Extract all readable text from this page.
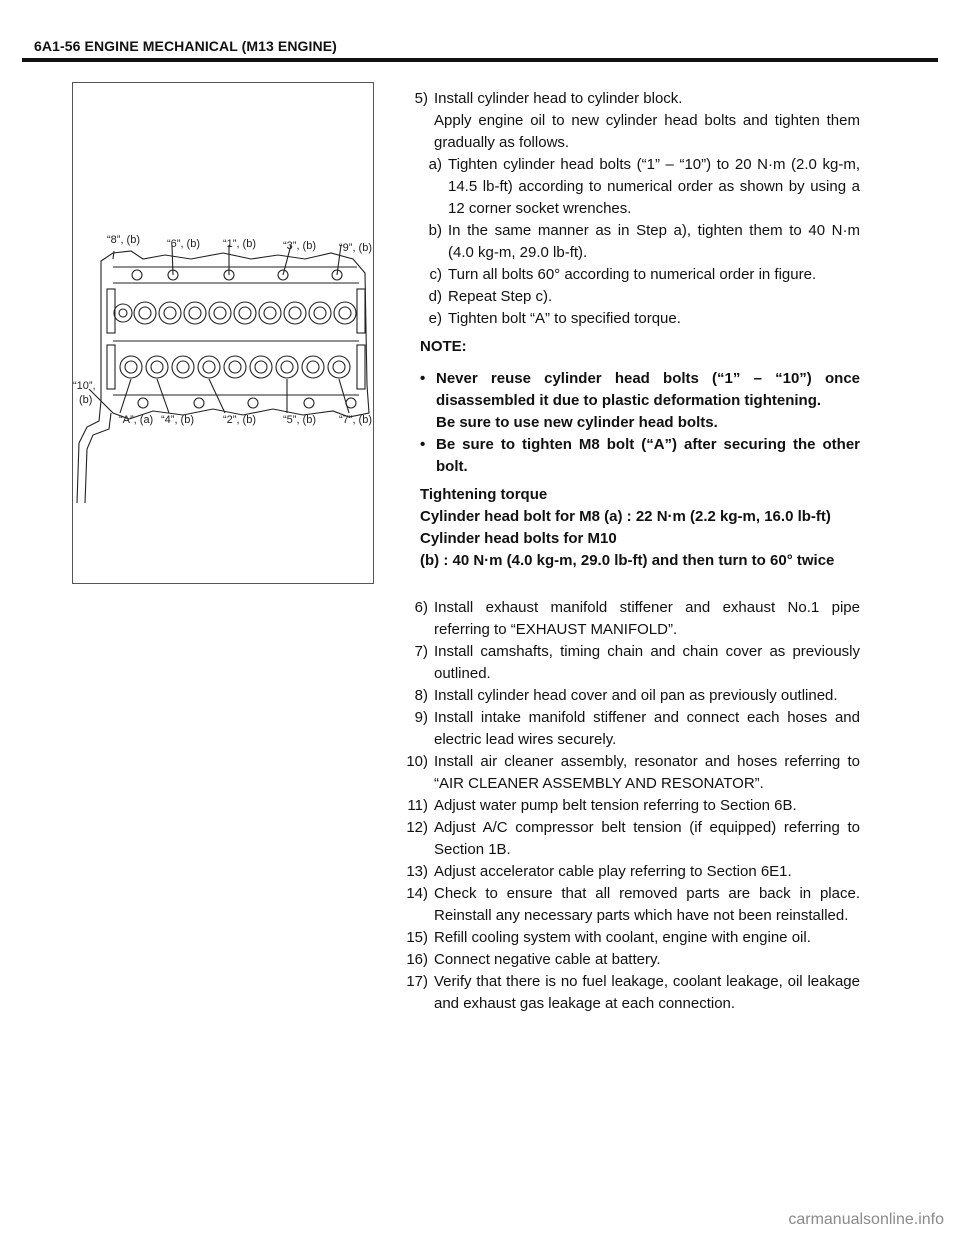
6A1-56 ENGINE MECHANICAL (M13 ENGINE)
“8”, (b) “6”, (b) “1”, (b) “3”, (b) “9”, (b)
“10”,
(b)
“A”, (a) “4”, (b)	“2”, (b) “5”, (b) “7”, (b)
5) Install cylinder head to cylinder block.
Apply engine oil to new cylinder head bolts and tighten them gradually as follows.
a) Tighten cylinder head bolts (“1” – “10”) to 20 N·m (2.0 kg-m, 14.5 lb-ft) according to numerical order as shown by using a 12 corner socket wrenches.
b) In the same manner as in Step a), tighten them to 40 N·m (4.0 kg-m, 29.0 lb-ft).
c) Turn all bolts 60° according to numerical order in figure.
d) Repeat Step c).
e) Tighten bolt “A” to specified torque.
NOTE:
• Never reuse cylinder head bolts (“1” – “10”) once disassembled it due to plastic deformation tightening.
Be sure to use new cylinder head bolts.
• Be sure to tighten M8 bolt (“A”) after securing the other bolt.
Tightening torque
Cylinder head bolt for M8 (a) : 22 N·m (2.2 kg-m, 16.0 lb-ft)
Cylinder head bolts for M10
(b) : 40 N·m (4.0 kg-m, 29.0 lb-ft) and then turn to 60° twice
6) Install exhaust manifold stiffener and exhaust No.1 pipe referring to “EXHAUST MANIFOLD”.
7) Install camshafts, timing chain and chain cover as previously outlined.
8) Install cylinder head cover and oil pan as previously outlined.
9) Install intake manifold stiffener and connect each hoses and electric lead wires securely.
10) Install air cleaner assembly, resonator and hoses referring to “AIR CLEANER ASSEMBLY AND RESONATOR”.
11) Adjust water pump belt tension referring to Section 6B.
12) Adjust A/C compressor belt tension (if equipped) referring to Section 1B.
13) Adjust accelerator cable play referring to Section 6E1.
14) Check to ensure that all removed parts are back in place. Reinstall any necessary parts which have not been reinstalled.
15) Refill cooling system with coolant, engine with engine oil.
16) Connect negative cable at battery.
17) Verify that there is no fuel leakage, coolant leakage, oil leakage and exhaust gas leakage at each connection.
carmanualsonline.info
